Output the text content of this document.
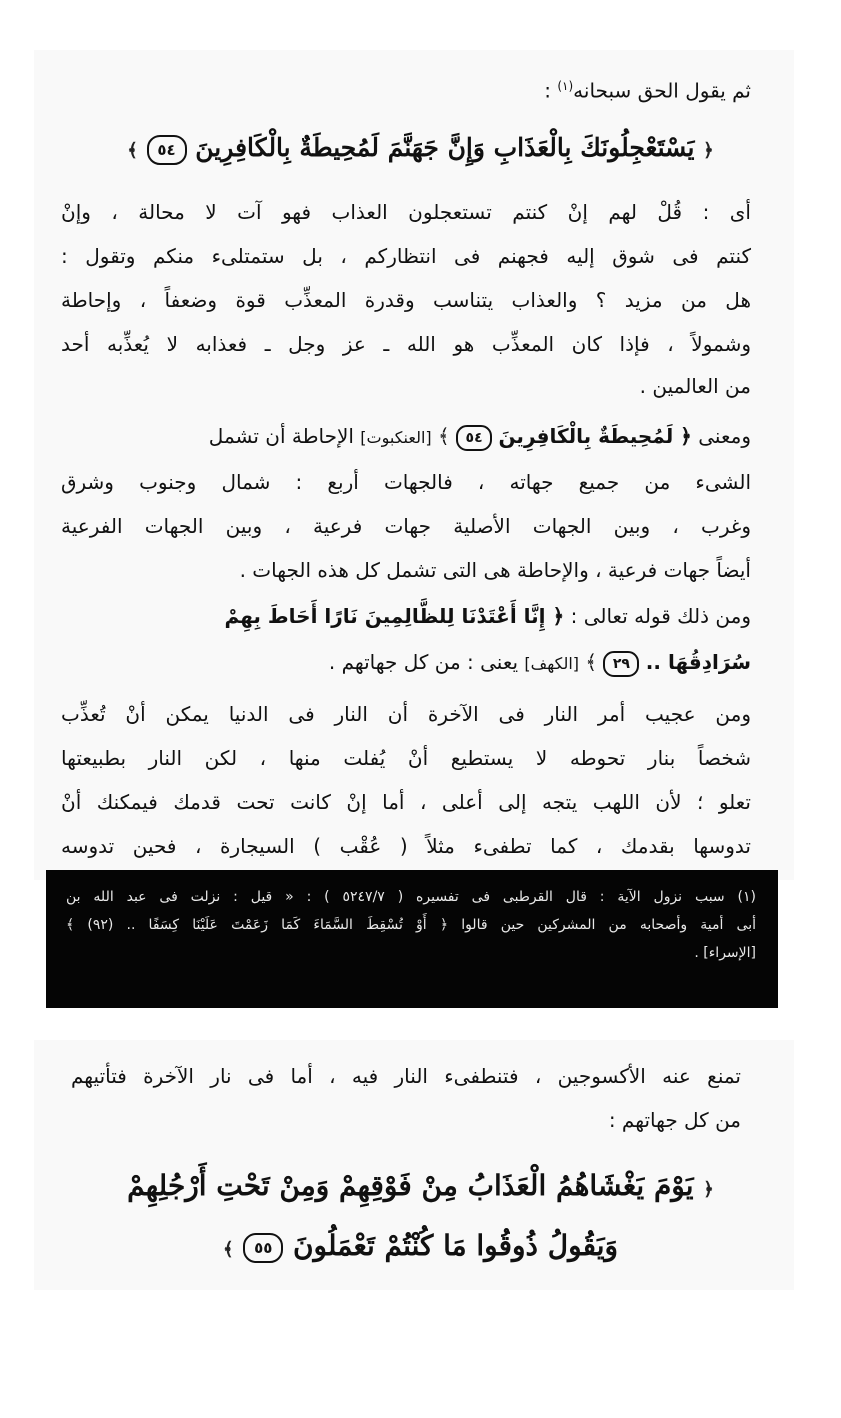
ثم يقول الحق سبحانه$^{(١)}$ :
﴿ يَسْتَعْجِلُونَكَ بِالْعَذَابِ وَإِنَّ جَهَنَّمَ لَمُحِيطَةٌ بِالْكَافِرِينَ ٥٤ ﴾
أى : قُلْ لهم إنْ كنتم تستعجلون العذاب فهو آت لا محالة ، وإنْ
كنتم فى شوق إليه فجهنم فى انتظاركم ، بل ستمتلىء منكم وتقول :
هل من مزيد ؟ والعذاب يتناسب وقدرة المعذِّب قوة وضعفاً ، وإحاطة
وشمولاً ، فإذا كان المعذِّب هو الله ـ عز وجل ـ فعذابه لا يُعذِّبه أحد
من العالمين .
ومعنى ﴿ لَمُحِيطَةٌ بِالْكَافِرِينَ ٥٤ ﴾ [العنكبوت] الإحاطة أن تشمل
الشىء من جميع جهاته ، فالجهات أربع : شمال وجنوب وشرق
وغرب ، وبين الجهات الأصلية جهات فرعية ، وبين الجهات الفرعية
أيضاً جهات فرعية ، والإحاطة هى التى تشمل كل هذه الجهات .
ومن ذلك قوله تعالى : ﴿ إِنَّا أَعْتَدْنَا لِلظَّالِمِينَ نَارًا أَحَاطَ بِهِمْ
سُرَادِقُهَا .. ٢٩ ﴾ [الكهف] يعنى : من كل جهاتهم .
ومن عجيب أمر النار فى الآخرة أن النار فى الدنيا يمكن أنْ تُعذِّب
شخصاً بنار تحوطه لا يستطيع أنْ يُفلت منها ، لكن النار بطبيعتها
تعلو ؛ لأن اللهب يتجه إلى أعلى ، أما إنْ كانت تحت قدمك فيمكنك أنْ
تدوسها بقدمك ، كما تطفىء مثلاً ( عُقْب ) السيجارة ، فحين تدوسه
(١) سبب نزول الآية : قال القرطبى فى تفسيره ( ٥٢٤٧/٧ ) : « قيل : نزلت فى عبد الله بن
أبى أمية وأصحابه من المشركين حين قالوا ﴿ أَوْ تُسْقِطَ السَّمَاءَ كَمَا زَعَمْتَ عَلَيْنَا كِسَفًا .. (٩٢) ﴾
[الإسراء] .
تمنع عنه الأكسوجين ، فتنطفىء النار فيه ، أما فى نار الآخرة فتأتيهم
من كل جهاتهم :
﴿ يَوْمَ يَغْشَاهُمُ الْعَذَابُ مِنْ فَوْقِهِمْ وَمِنْ تَحْتِ أَرْجُلِهِمْ
وَيَقُولُ ذُوقُوا مَا كُنْتُمْ تَعْمَلُونَ ٥٥ ﴾
